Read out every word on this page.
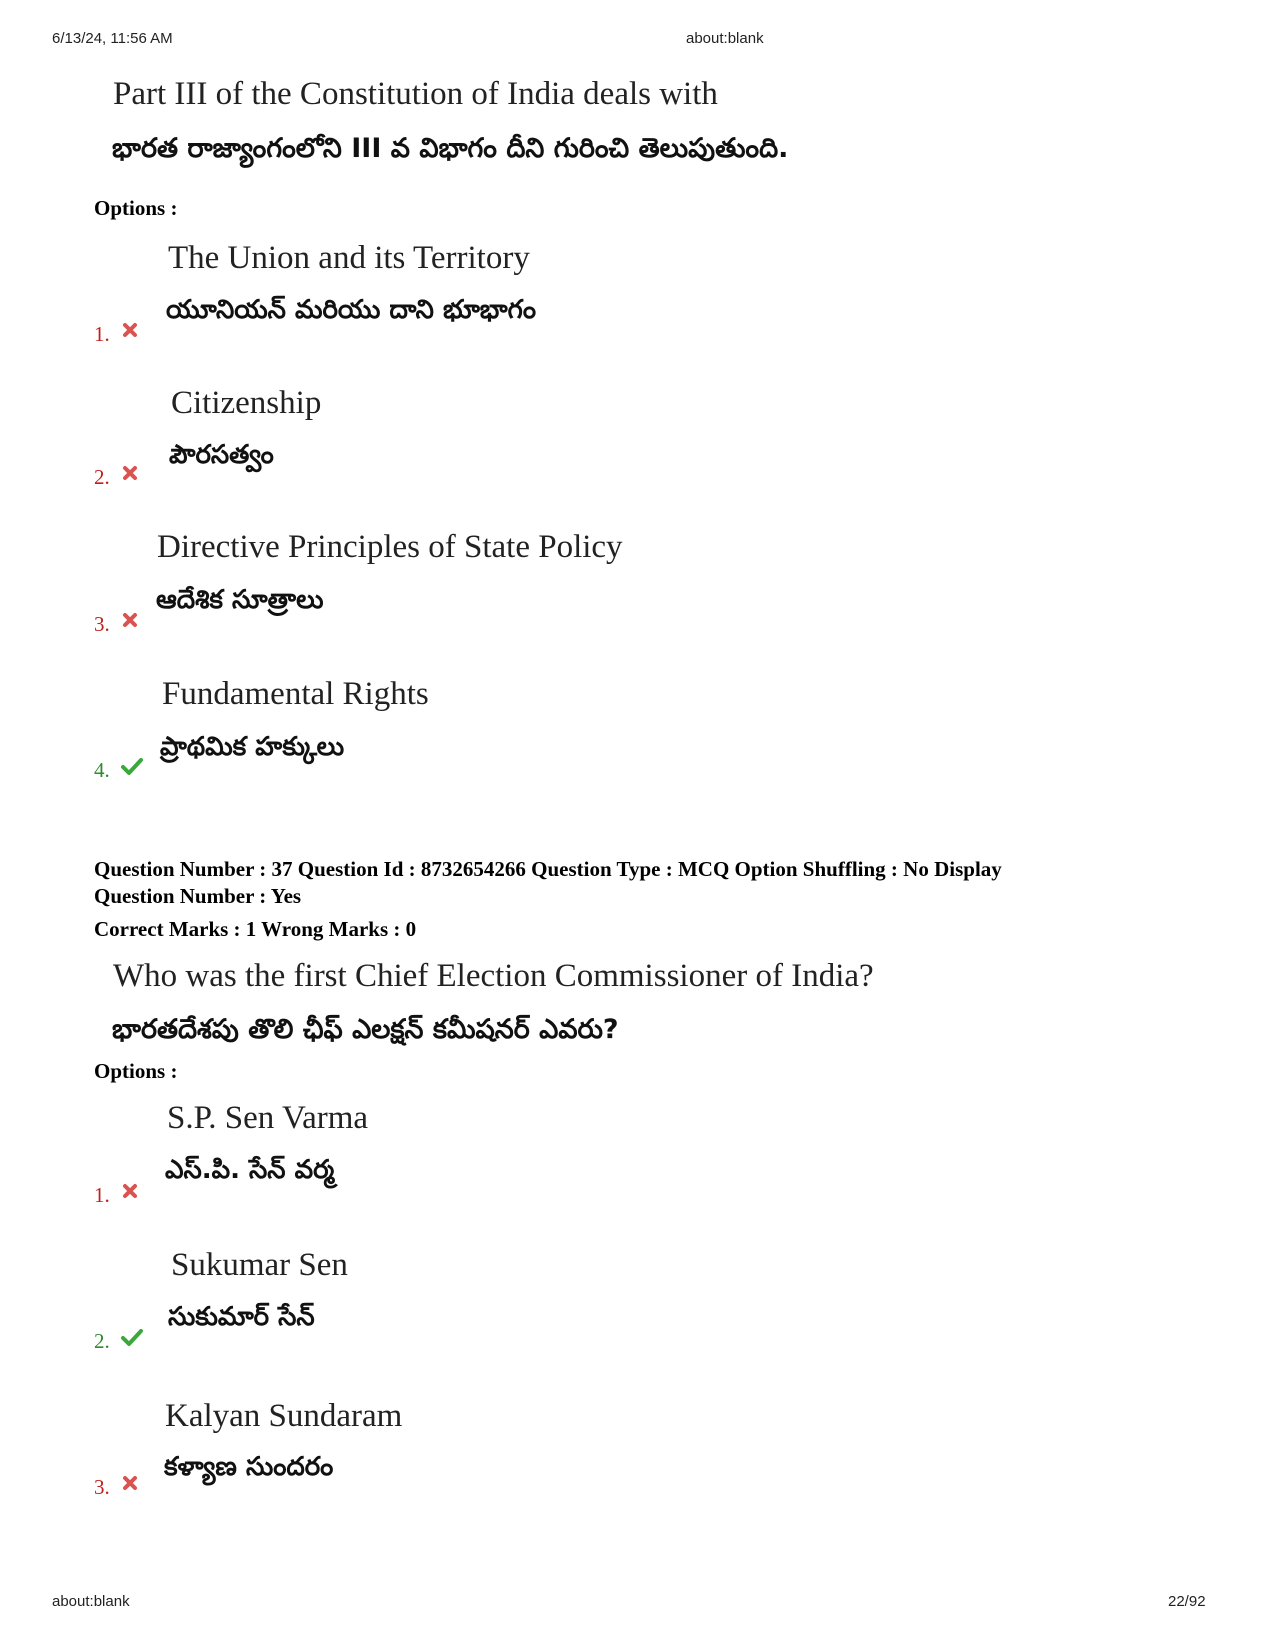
6/13/24, 11:56 AM	about:blank
Part III of the Constitution of India deals with
భారత రాజ్యాంగంలోని III వ విభాగం దీని గురించి తెలుపుతుంది.
Options :
The Union and its Territory
యూనియన్ మరియు దాని భూభాగం
1.
Citizenship
పౌరసత్వం
2.
Directive Principles of State Policy
ఆదేశిక సూత్రాలు
3.
Fundamental Rights
ప్రాథమిక హక్కులు
4.
Question Number : 37 Question Id : 8732654266 Question Type : MCQ Option Shuffling : No Display
Question Number : Yes
Correct Marks : 1 Wrong Marks : 0
Who was the first Chief Election Commissioner of India?
భారతదేశపు తొలి ఛీఫ్ ఎలక్షన్ కమీషనర్ ఎవరు?
Options :
S.P. Sen Varma
ఎస్.పి. సేన్ వర్మ
1.
Sukumar Sen
సుకుమార్ సేన్
2.
Kalyan Sundaram
కళ్యాణ సుందరం
3.
about:blank	22/92
